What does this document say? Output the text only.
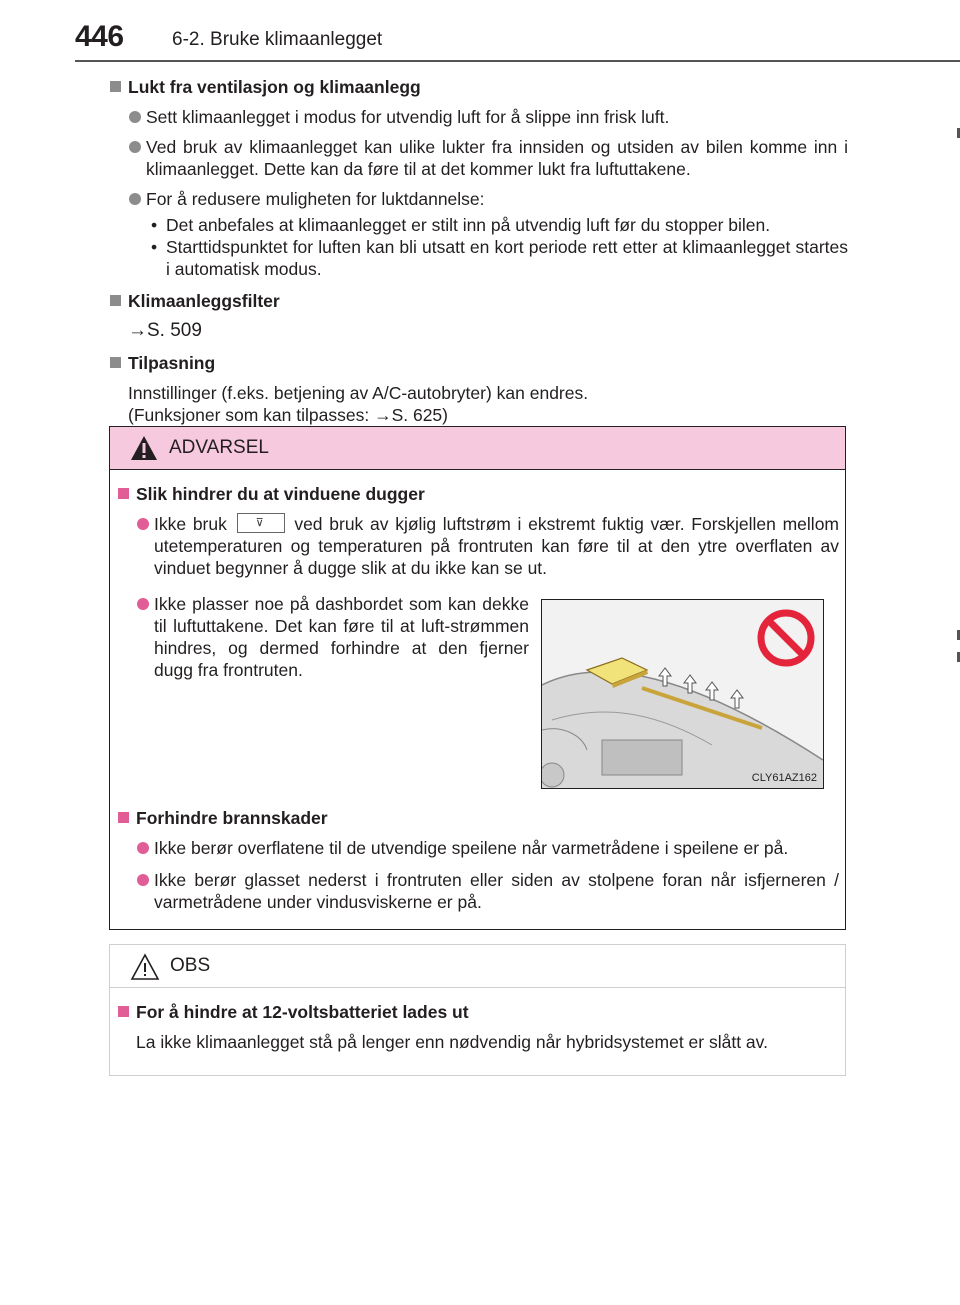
446	6-2. Bruke klimaanlegget
Lukt fra ventilasjon og klimaanlegg
Sett klimaanlegget i modus for utvendig luft for å slippe inn frisk luft.
Ved bruk av klimaanlegget kan ulike lukter fra innsiden og utsiden av bilen komme inn i klimaanlegget. Dette kan da føre til at det kommer lukt fra luftuttakene.
For å redusere muligheten for luktdannelse:
• Det anbefales at klimaanlegget er stilt inn på utvendig luft før du stopper bilen.
• Starttidspunktet for luften kan bli utsatt en kort periode rett etter at klimaanlegget startes i automatisk modus.
Klimaanleggsfilter
→S. 509
Tilpasning
Innstillinger (f.eks. betjening av A/C-autobryter) kan endres.
(Funksjoner som kan tilpasses: →S. 625)
ADVARSEL
Slik hindrer du at vinduene dugger
Ikke bruk	⊽ ved bruk av kjølig luftstrøm i ekstremt fuktig vær. Forskjellen mellom utetemperaturen og temperaturen på frontruten kan føre til at den ytre overflaten av vinduet begynner å dugge slik at du ikke kan se ut.
Ikke plasser noe på dashbordet som kan dekke til luftuttakene. Det kan føre til at luft-strømmen hindres, og dermed forhindre at den fjerner dugg fra frontruten.
CLY61AZ162
Forhindre brannskader
Ikke berør overflatene til de utvendige speilene når varmetrådene i speilene er på.
Ikke berør glasset nederst i frontruten eller siden av stolpene foran når isfjerneren / varmetrådene under vindusviskerne er på.
OBS
For å hindre at 12-voltsbatteriet lades ut
La ikke klimaanlegget stå på lenger enn nødvendig når hybridsystemet er slått av.
